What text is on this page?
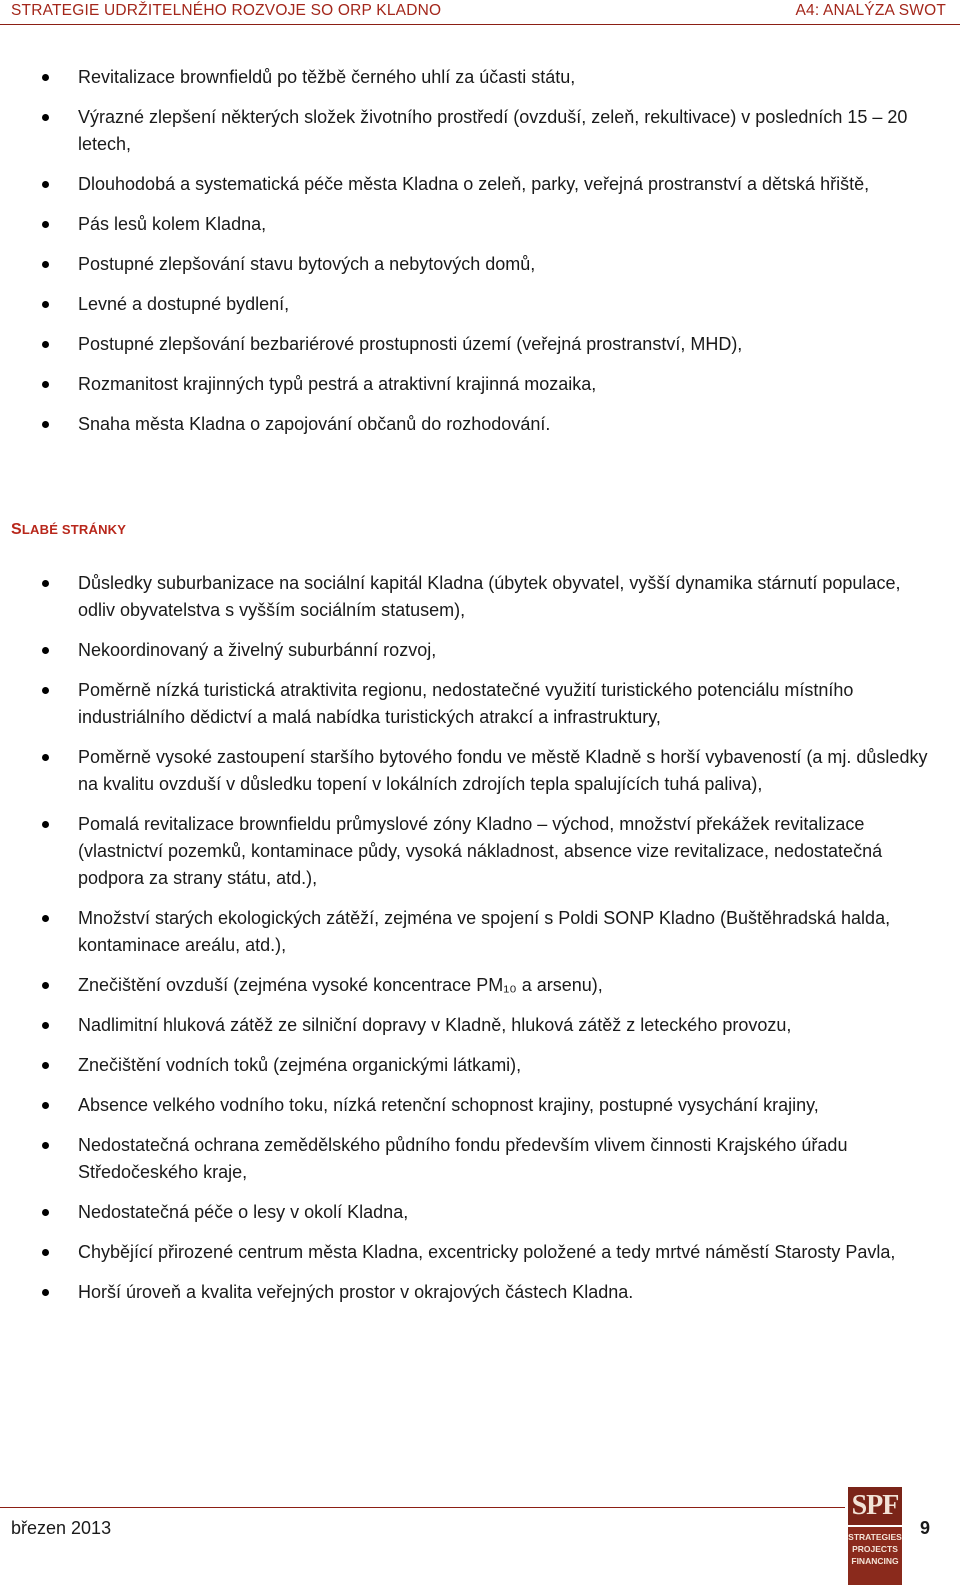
STRATEGIE UDRŽITELNÉHO ROZVOJE SO ORP KLADNO	A4: ANALÝZA SWOT
Revitalizace brownfieldů po těžbě černého uhlí za účasti státu,
Výrazné zlepšení některých složek životního prostředí (ovzduší, zeleň, rekultivace) v posledních 15 – 20 letech,
Dlouhodobá a systematická péče města Kladna o zeleň, parky, veřejná prostranství a dětská hřiště,
Pás lesů kolem Kladna,
Postupné zlepšování stavu bytových a nebytových domů,
Levné a dostupné bydlení,
Postupné zlepšování bezbariérové prostupnosti území (veřejná prostranství, MHD),
Rozmanitost krajinných typů pestrá a atraktivní krajinná mozaika,
Snaha města Kladna o zapojování občanů do rozhodování.
SLABÉ STRÁNKY
Důsledky suburbanizace na sociální kapitál Kladna (úbytek obyvatel, vyšší dynamika stárnutí populace, odliv obyvatelstva s vyšším sociálním statusem),
Nekoordinovaný a živelný suburbánní rozvoj,
Poměrně nízká turistická atraktivita regionu, nedostatečné využití turistického potenciálu místního industriálního dědictví a malá nabídka turistických atrakcí a infrastruktury,
Poměrně vysoké zastoupení staršího bytového fondu ve městě Kladně s horší vybaveností (a mj. důsledky na kvalitu ovzduší v důsledku topení v lokálních zdrojích tepla spalujících tuhá paliva),
Pomalá revitalizace brownfieldu průmyslové zóny Kladno – východ, množství překážek revitalizace (vlastnictví pozemků, kontaminace půdy, vysoká nákladnost, absence vize revitalizace, nedostatečná podpora za strany státu, atd.),
Množství starých ekologických zátěží, zejména ve spojení s Poldi SONP Kladno (Buštěhradská halda, kontaminace areálu, atd.),
Znečištění ovzduší (zejména vysoké koncentrace PM₁₀ a arsenu),
Nadlimitní hluková zátěž ze silniční dopravy v Kladně, hluková zátěž z leteckého provozu,
Znečištění vodních toků (zejména organickými látkami),
Absence velkého vodního toku, nízká retenční schopnost krajiny, postupné vysychání krajiny,
Nedostatečná ochrana zemědělského půdního fondu především vlivem činnosti Krajského úřadu Středočeského kraje,
Nedostatečná péče o lesy v okolí Kladna,
Chybějící přirozené centrum města Kladna, excentricky položené a tedy mrtvé náměstí Starosty Pavla,
Horší úroveň a kvalita veřejných prostor v okrajových částech Kladna.
březen 2013	9
SPF
STRATEGIES
PROJECTS
FINANCING
